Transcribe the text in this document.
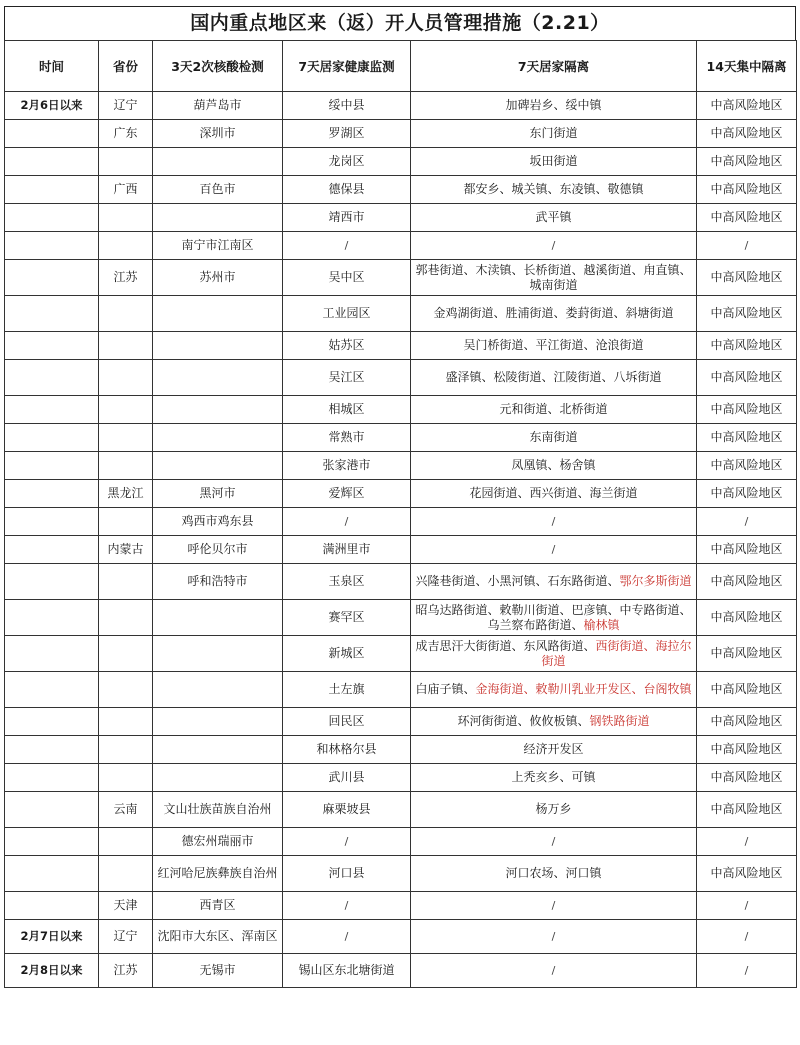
国内重点地区来（返）开人员管理措施（2.21）
时间	省份	3天2次核酸检测	7天居家健康监测	7天居家隔离	14天集中隔离
2月6日以来	辽宁	葫芦岛市	绥中县	加碑岩乡、绥中镇	中高风险地区
	广东	深圳市	罗湖区	东门街道	中高风险地区
			龙岗区	坂田街道	中高风险地区
	广西	百色市	德保县	都安乡、城关镇、东凌镇、敬德镇	中高风险地区
			靖西市	武平镇	中高风险地区
		南宁市江南区	/	/	/
	江苏	苏州市	吴中区	郭巷街道、木渎镇、长桥街道、越溪街道、甪直镇、城南街道	中高风险地区
			工业园区	金鸡湖街道、胜浦街道、娄葑街道、斜塘街道	中高风险地区
			姑苏区	吴门桥街道、平江街道、沧浪街道	中高风险地区
			吴江区	盛泽镇、松陵街道、江陵街道、八坼街道	中高风险地区
			相城区	元和街道、北桥街道	中高风险地区
			常熟市	东南街道	中高风险地区
			张家港市	凤凰镇、杨舍镇	中高风险地区
	黑龙江	黑河市	爱辉区	花园街道、西兴街道、海兰街道	中高风险地区
		鸡西市鸡东县	/	/	/
	内蒙古	呼伦贝尔市	满洲里市	/	中高风险地区
		呼和浩特市	玉泉区	兴隆巷街道、小黑河镇、石东路街道、鄂尔多斯街道	中高风险地区
			赛罕区	昭乌达路街道、敕勒川街道、巴彦镇、中专路街道、乌兰察布路街道、榆林镇	中高风险地区
			新城区	成吉思汗大街街道、东风路街道、西街街道、海拉尔街道	中高风险地区
			土左旗	白庙子镇、金海街道、敕勒川乳业开发区、台阁牧镇	中高风险地区
			回民区	环河街街道、攸攸板镇、钢铁路街道	中高风险地区
			和林格尔县	经济开发区	中高风险地区
			武川县	上秃亥乡、可镇	中高风险地区
	云南	文山壮族苗族自治州	麻栗坡县	杨万乡	中高风险地区
		德宏州瑞丽市	/	/	/
		红河哈尼族彝族自治州	河口县	河口农场、河口镇	中高风险地区
	天津	西青区	/	/	/
2月7日以来	辽宁	沈阳市大东区、浑南区	/	/	/
2月8日以来	江苏	无锡市	锡山区东北塘街道	/	/
